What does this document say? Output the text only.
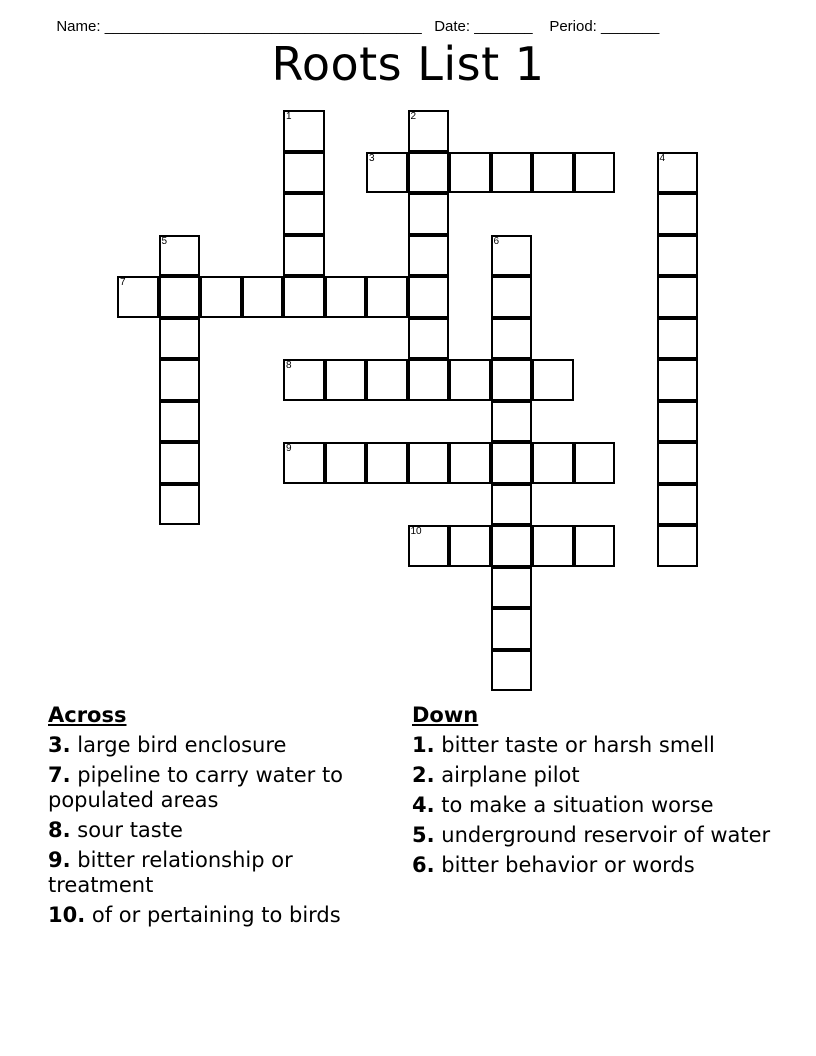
Name: ______________________________________ Date: _______ Period: _______

Roots List 1
1	2
3	4
5	6
7
8
9
10
Across
3. large bird enclosure
7. pipeline to carry water to populated areas
8. sour taste
9. bitter relationship or treatment
10. of or pertaining to birds
Down
1. bitter taste or harsh smell
2. airplane pilot
4. to make a situation worse
5. underground reservoir of water
6. bitter behavior or words
